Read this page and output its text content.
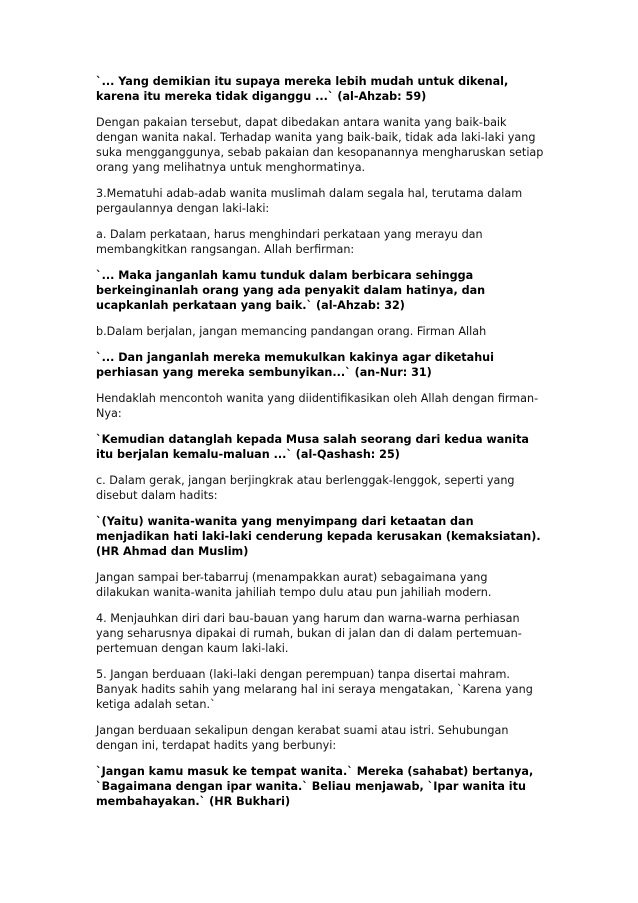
`... Yang demikian itu supaya mereka lebih mudah untuk dikenal, karena itu mereka tidak diganggu ...` (al-Ahzab: 59)

Dengan pakaian tersebut, dapat dibedakan antara wanita yang baik-baik dengan wanita nakal. Terhadap wanita yang baik-baik, tidak ada laki-laki yang suka mengganggunya, sebab pakaian dan kesopanannya mengharuskan setiap orang yang melihatnya untuk menghormatinya.

3.Mematuhi adab-adab wanita muslimah dalam segala hal, terutama dalam pergaulannya dengan laki-laki:

a. Dalam perkataan, harus menghindari perkataan yang merayu dan membangkitkan rangsangan. Allah berfirman:

`... Maka janganlah kamu tunduk dalam berbicara sehingga berkeinginanlah orang yang ada penyakit dalam hatinya, dan ucapkanlah perkataan yang baik.` (al-Ahzab: 32)

b.Dalam berjalan, jangan memancing pandangan orang. Firman Allah

`... Dan janganlah mereka memukulkan kakinya agar diketahui perhiasan yang mereka sembunyikan...` (an-Nur: 31)

Hendaklah mencontoh wanita yang diidentifikasikan oleh Allah dengan firman-Nya:

`Kemudian datanglah kepada Musa salah seorang dari kedua wanita itu berjalan kemalu-maluan ...` (al-Qashash: 25)

c. Dalam gerak, jangan berjingkrak atau berlenggak-lenggok, seperti yang disebut dalam hadits:

`(Yaitu) wanita-wanita yang menyimpang dari ketaatan dan menjadikan hati laki-laki cenderung kepada kerusakan (kemaksiatan).(HR Ahmad dan Muslim)

Jangan sampai ber-tabarruj (menampakkan aurat) sebagaimana yang dilakukan wanita-wanita jahiliah tempo dulu atau pun jahiliah modern.

4. Menjauhkan diri dari bau-bauan yang harum dan warna-warna perhiasan yang seharusnya dipakai di rumah, bukan di jalan dan di dalam pertemuan-pertemuan dengan kaum laki-laki.

5. Jangan berduaan (laki-laki dengan perempuan) tanpa disertai mahram. Banyak hadits sahih yang melarang hal ini seraya mengatakan, `Karena yang ketiga adalah setan.`

Jangan berduaan sekalipun dengan kerabat suami atau istri. Sehubungan dengan ini, terdapat hadits yang berbunyi:

`Jangan kamu masuk ke tempat wanita.` Mereka (sahabat) bertanya, `Bagaimana dengan ipar wanita.` Beliau menjawab, `Ipar wanita itu membahayakan.` (HR Bukhari)
